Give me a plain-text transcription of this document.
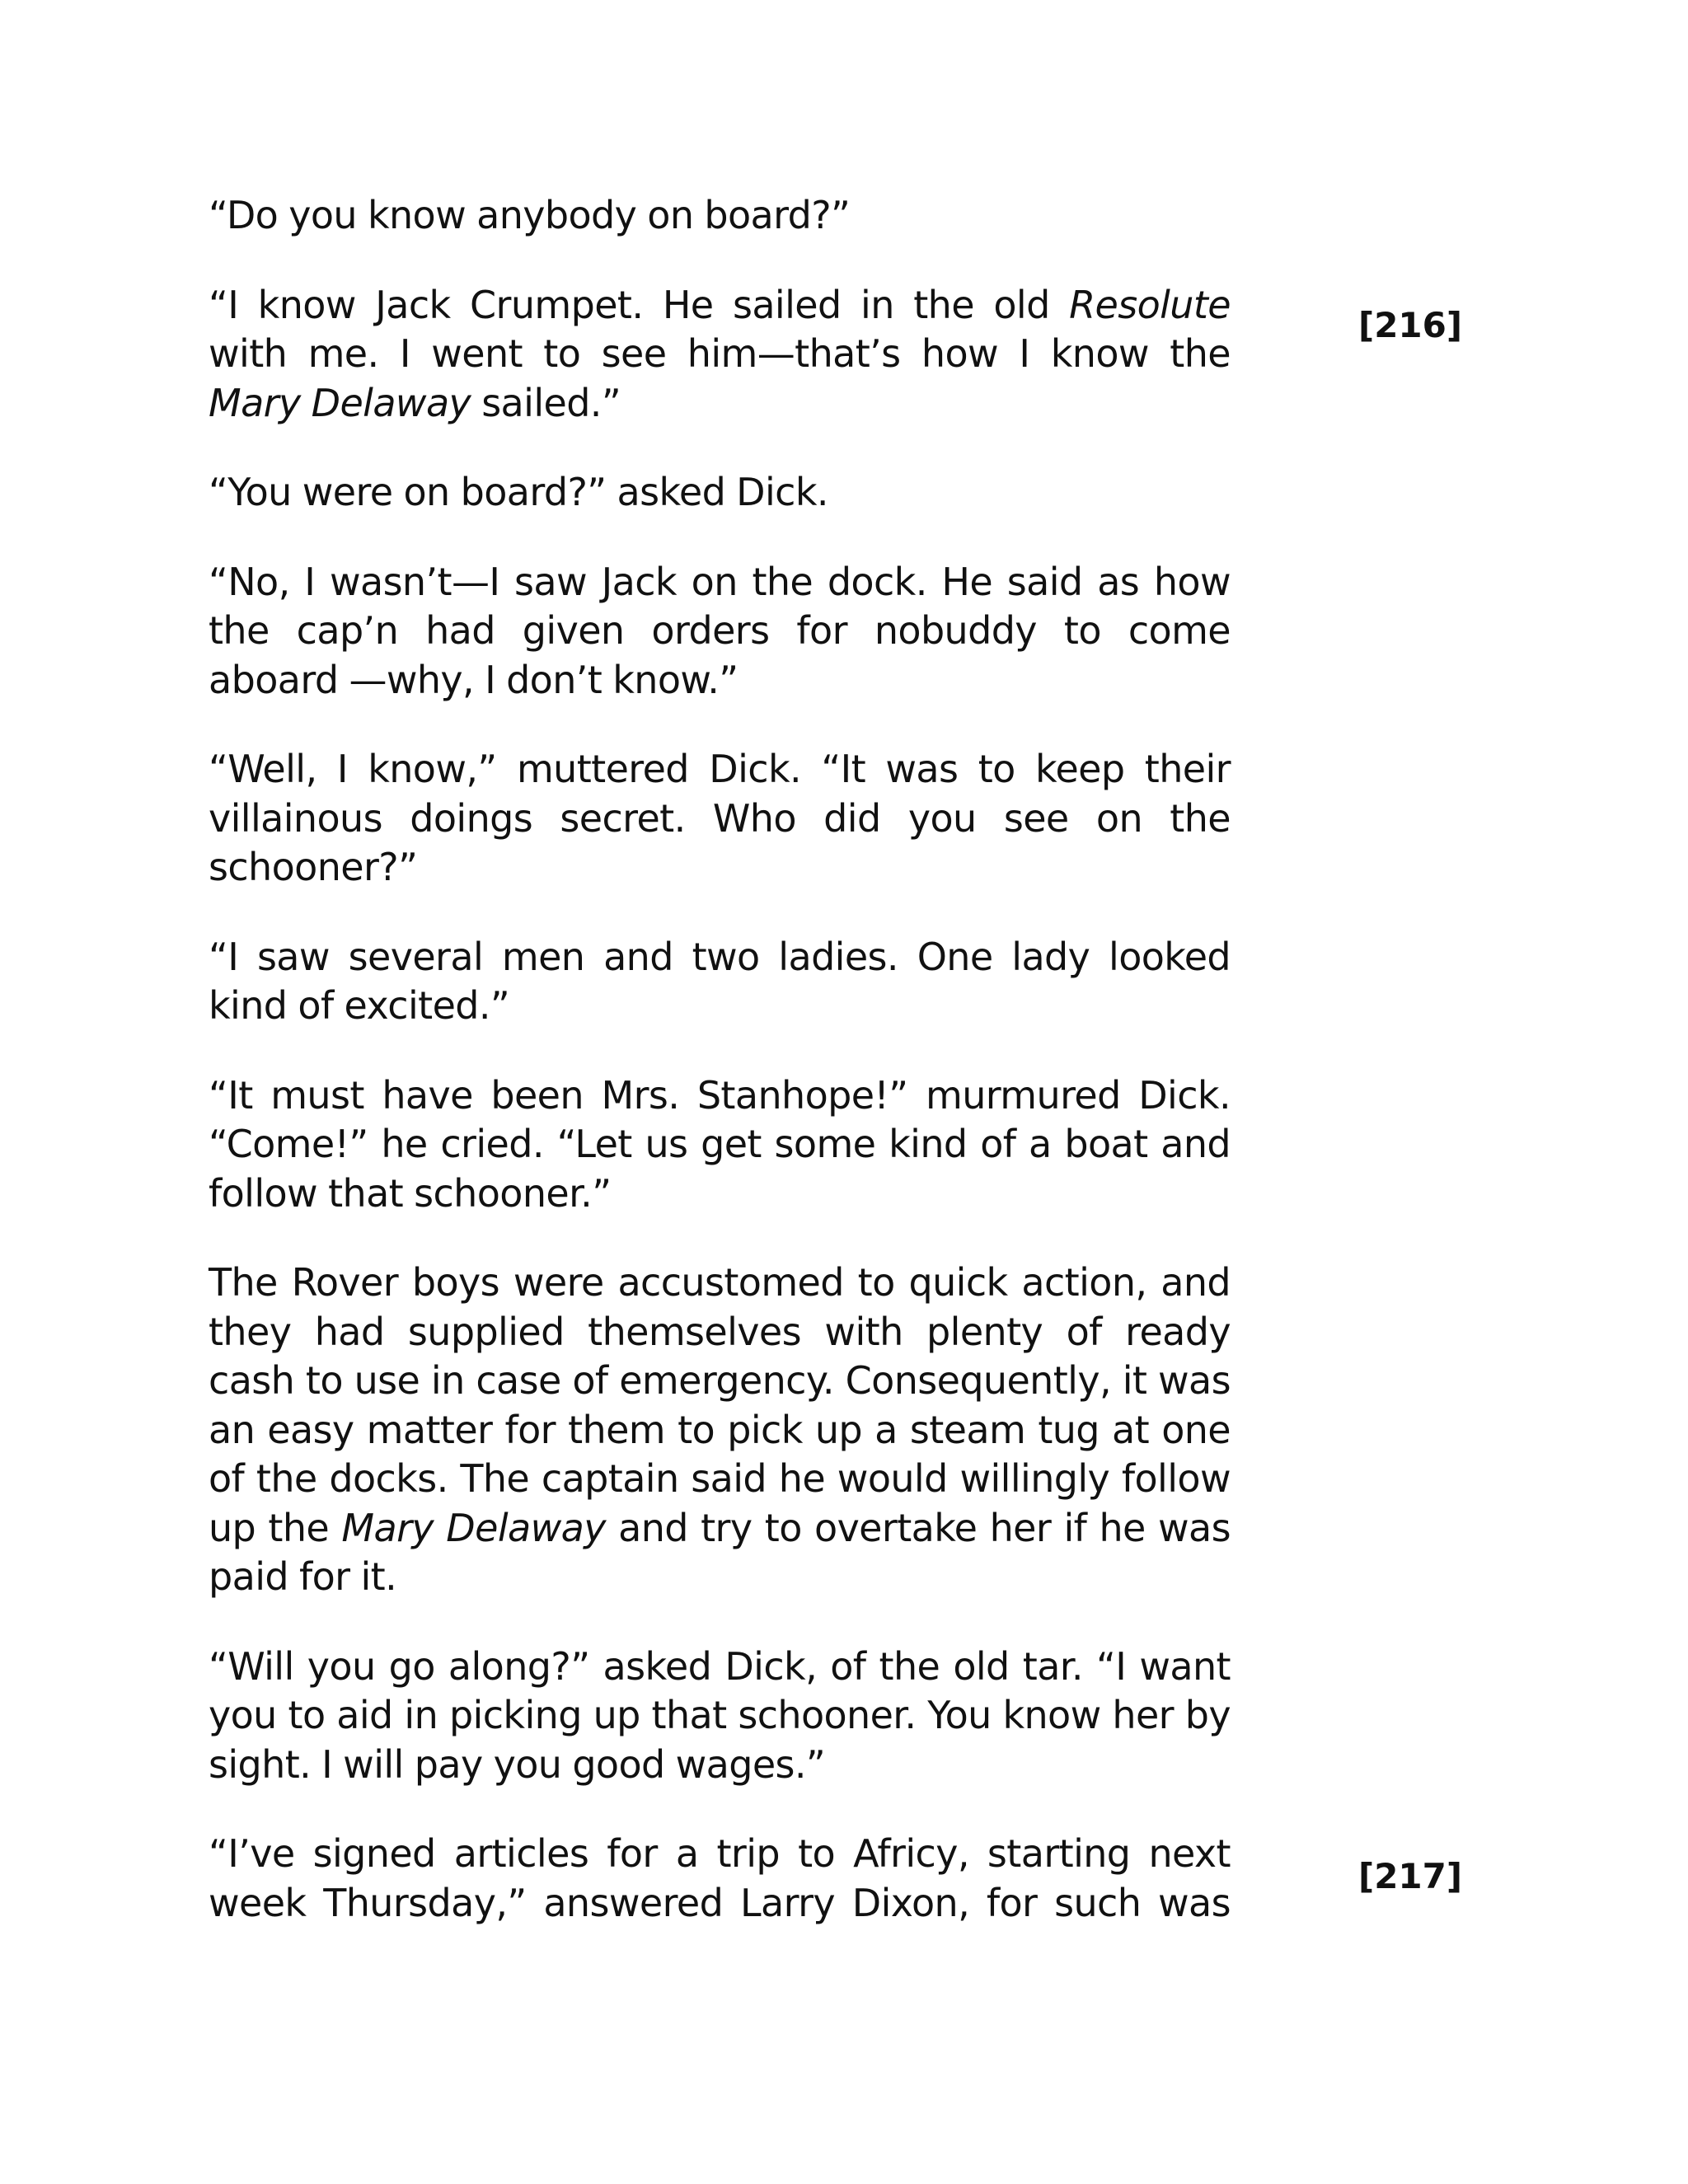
[216]
[217]

“Do you know anybody on board?”

“I know Jack Crumpet. He sailed in the old Resolute with me. I went to see him—that’s how I know the Mary Delaway sailed.”

“You were on board?” asked Dick.

“No, I wasn’t—I saw Jack on the dock. He said as how the cap’n had given orders for nobuddy to come aboard —why, I don’t know.”

“Well, I know,” muttered Dick. “It was to keep their villainous doings secret. Who did you see on the schooner?”

“I saw several men and two ladies. One lady looked kind of excited.”

“It must have been Mrs. Stanhope!” murmured Dick. “Come!” he cried. “Let us get some kind of a boat and follow that schooner.”

The Rover boys were accustomed to quick action, and they had supplied themselves with plenty of ready cash to use in case of emergency. Consequently, it was an easy matter for them to pick up a steam tug at one of the docks. The captain said he would willingly follow up the Mary Delaway and try to overtake her if he was paid for it.

“Will you go along?” asked Dick, of the old tar. “I want you to aid in picking up that schooner. You know her by sight. I will pay you good wages.”

“I’ve signed articles for a trip to Africy, starting next week Thursday,” answered Larry Dixon, for such was
